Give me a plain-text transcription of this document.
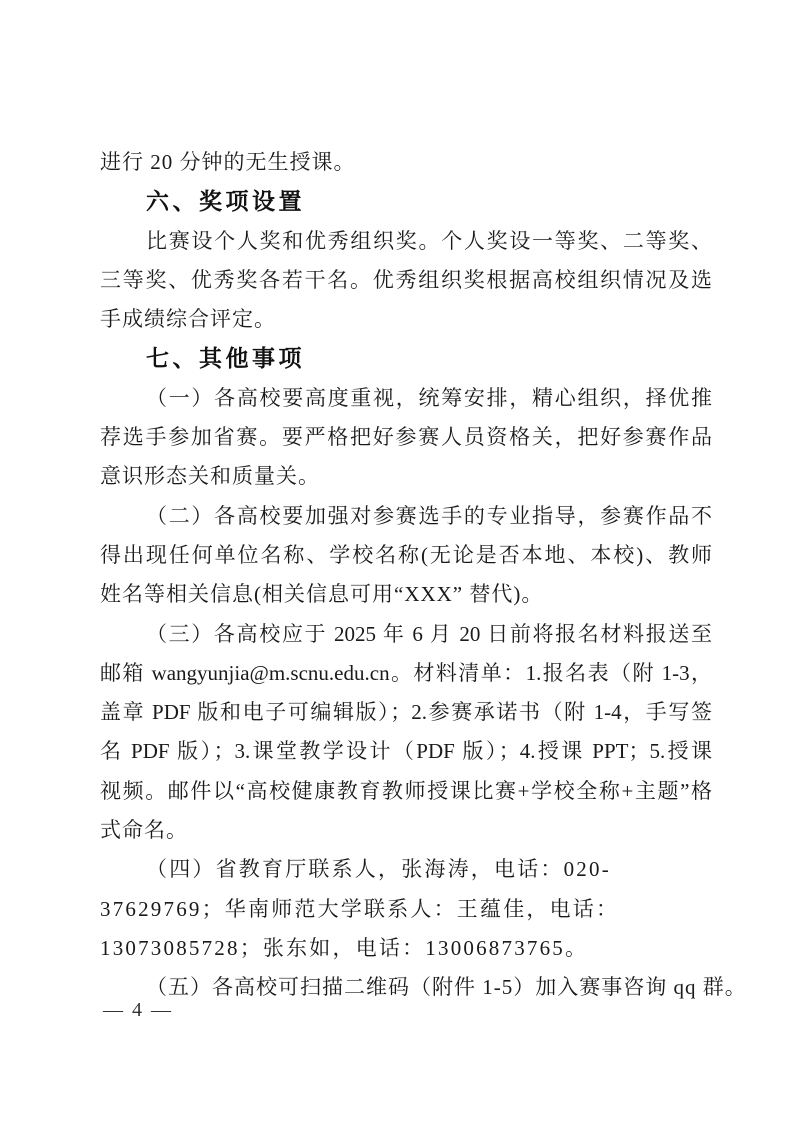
进行 20 分钟的无生授课。
六、奖项设置
比赛设个人奖和优秀组织奖。个人奖设一等奖、二等奖、
三等奖、优秀奖各若干名。优秀组织奖根据高校组织情况及选
手成绩综合评定。
七、其他事项
（一）各高校要高度重视，统筹安排，精心组织，择优推
荐选手参加省赛。要严格把好参赛人员资格关，把好参赛作品
意识形态关和质量关。
（二）各高校要加强对参赛选手的专业指导，参赛作品不
得出现任何单位名称、学校名称(无论是否本地、本校)、教师
姓名等相关信息(相关信息可用“XXX” 替代)。
（三）各高校应于 2025 年 6 月 20 日前将报名材料报送至
邮箱 wangyunjia@m.scnu.edu.cn。材料清单：1.报名表（附 1-3，
盖章 PDF 版和电子可编辑版）；2.参赛承诺书（附 1-4，手写签
名 PDF 版）；3.课堂教学设计（PDF 版）；4.授课 PPT；5.授课
视频。邮件以“高校健康教育教师授课比赛+学校全称+主题”格
式命名。
（四）省教育厅联系人，张海涛，电话：020-
37629769；华南师范大学联系人：王蕴佳，电话：
13073085728；张东如，电话：13006873765。
（五）各高校可扫描二维码（附件 1-5）加入赛事咨询 qq 群。
— 4 —
